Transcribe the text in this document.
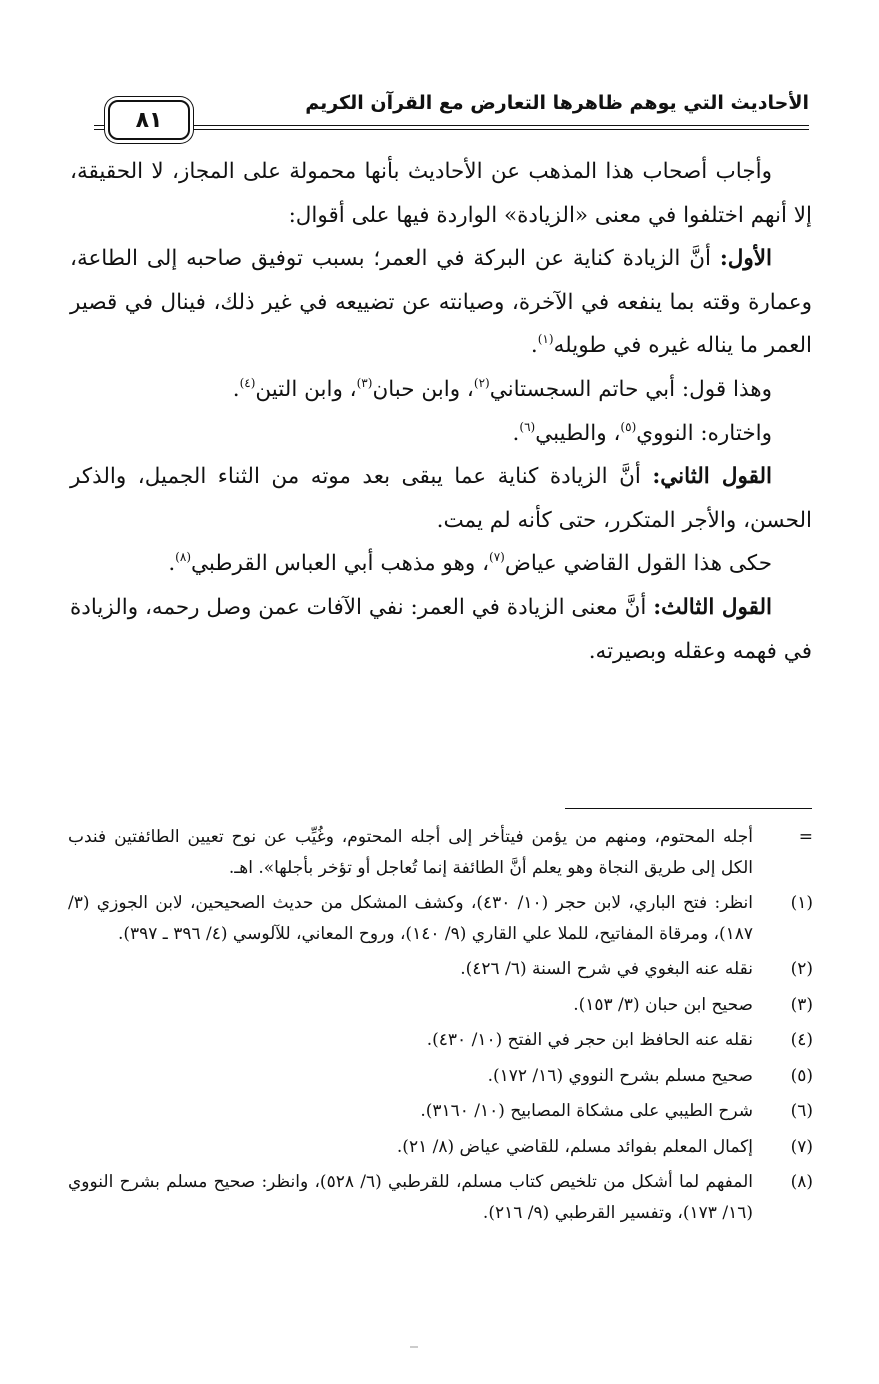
الأحاديث التي يوهم ظاهرها التعارض مع القرآن الكريم
٨١

وأجاب أصحاب هذا المذهب عن الأحاديث بأنها محمولة على المجاز، لا الحقيقة، إلا أنهم اختلفوا في معنى «الزيادة» الواردة فيها على أقوال:

الأول: أنَّ الزيادة كناية عن البركة في العمر؛ بسبب توفيق صاحبه إلى الطاعة، وعمارة وقته بما ينفعه في الآخرة، وصيانته عن تضييعه في غير ذلك، فينال في قصير العمر ما يناله غيره في طويله$^{(١)}$.

وهذا قول: أبي حاتم السجستاني$^{(٢)}$، وابن حبان$^{(٣)}$، وابن التين$^{(٤)}$.

واختاره: النووي$^{(٥)}$، والطيبي$^{(٦)}$.

القول الثاني: أنَّ الزيادة كناية عما يبقى بعد موته من الثناء الجميل، والذكر الحسن، والأجر المتكرر، حتى كأنه لم يمت.

حكى هذا القول القاضي عياض$^{(٧)}$، وهو مذهب أبي العباس القرطبي$^{(٨)}$.

القول الثالث: أنَّ معنى الزيادة في العمر: نفي الآفات عمن وصل رحمه، والزيادة في فهمه وعقله وبصيرته.

=
أجله المحتوم، ومنهم من يؤمن فيتأخر إلى أجله المحتوم، وغُيِّب عن نوح تعيين الطائفتين فندب الكل إلى طريق النجاة وهو يعلم أنَّ الطائفة إنما تُعاجل أو تؤخر بأجلها». اهـ.
(١)
انظر: فتح الباري، لابن حجر (١٠/ ٤٣٠)، وكشف المشكل من حديث الصحيحين، لابن الجوزي (٣/ ١٨٧)، ومرقاة المفاتيح، للملا علي القاري (٩/ ١٤٠)، وروح المعاني، للآلوسي (٤/ ٣٩٦ ـ ٣٩٧).
(٢)
نقله عنه البغوي في شرح السنة (٦/ ٤٢٦).
(٣)
صحيح ابن حبان (٣/ ١٥٣).
(٤)
نقله عنه الحافظ ابن حجر في الفتح (١٠/ ٤٣٠).
(٥)
صحيح مسلم بشرح النووي (١٦/ ١٧٢).
(٦)
شرح الطيبي على مشكاة المصابيح (١٠/ ٣١٦٠).
(٧)
إكمال المعلم بفوائد مسلم، للقاضي عياض (٨/ ٢١).
(٨)
المفهم لما أشكل من تلخيص كتاب مسلم، للقرطبي (٦/ ٥٢٨)، وانظر: صحيح مسلم بشرح النووي (١٦/ ١٧٣)، وتفسير القرطبي (٩/ ٢١٦).
